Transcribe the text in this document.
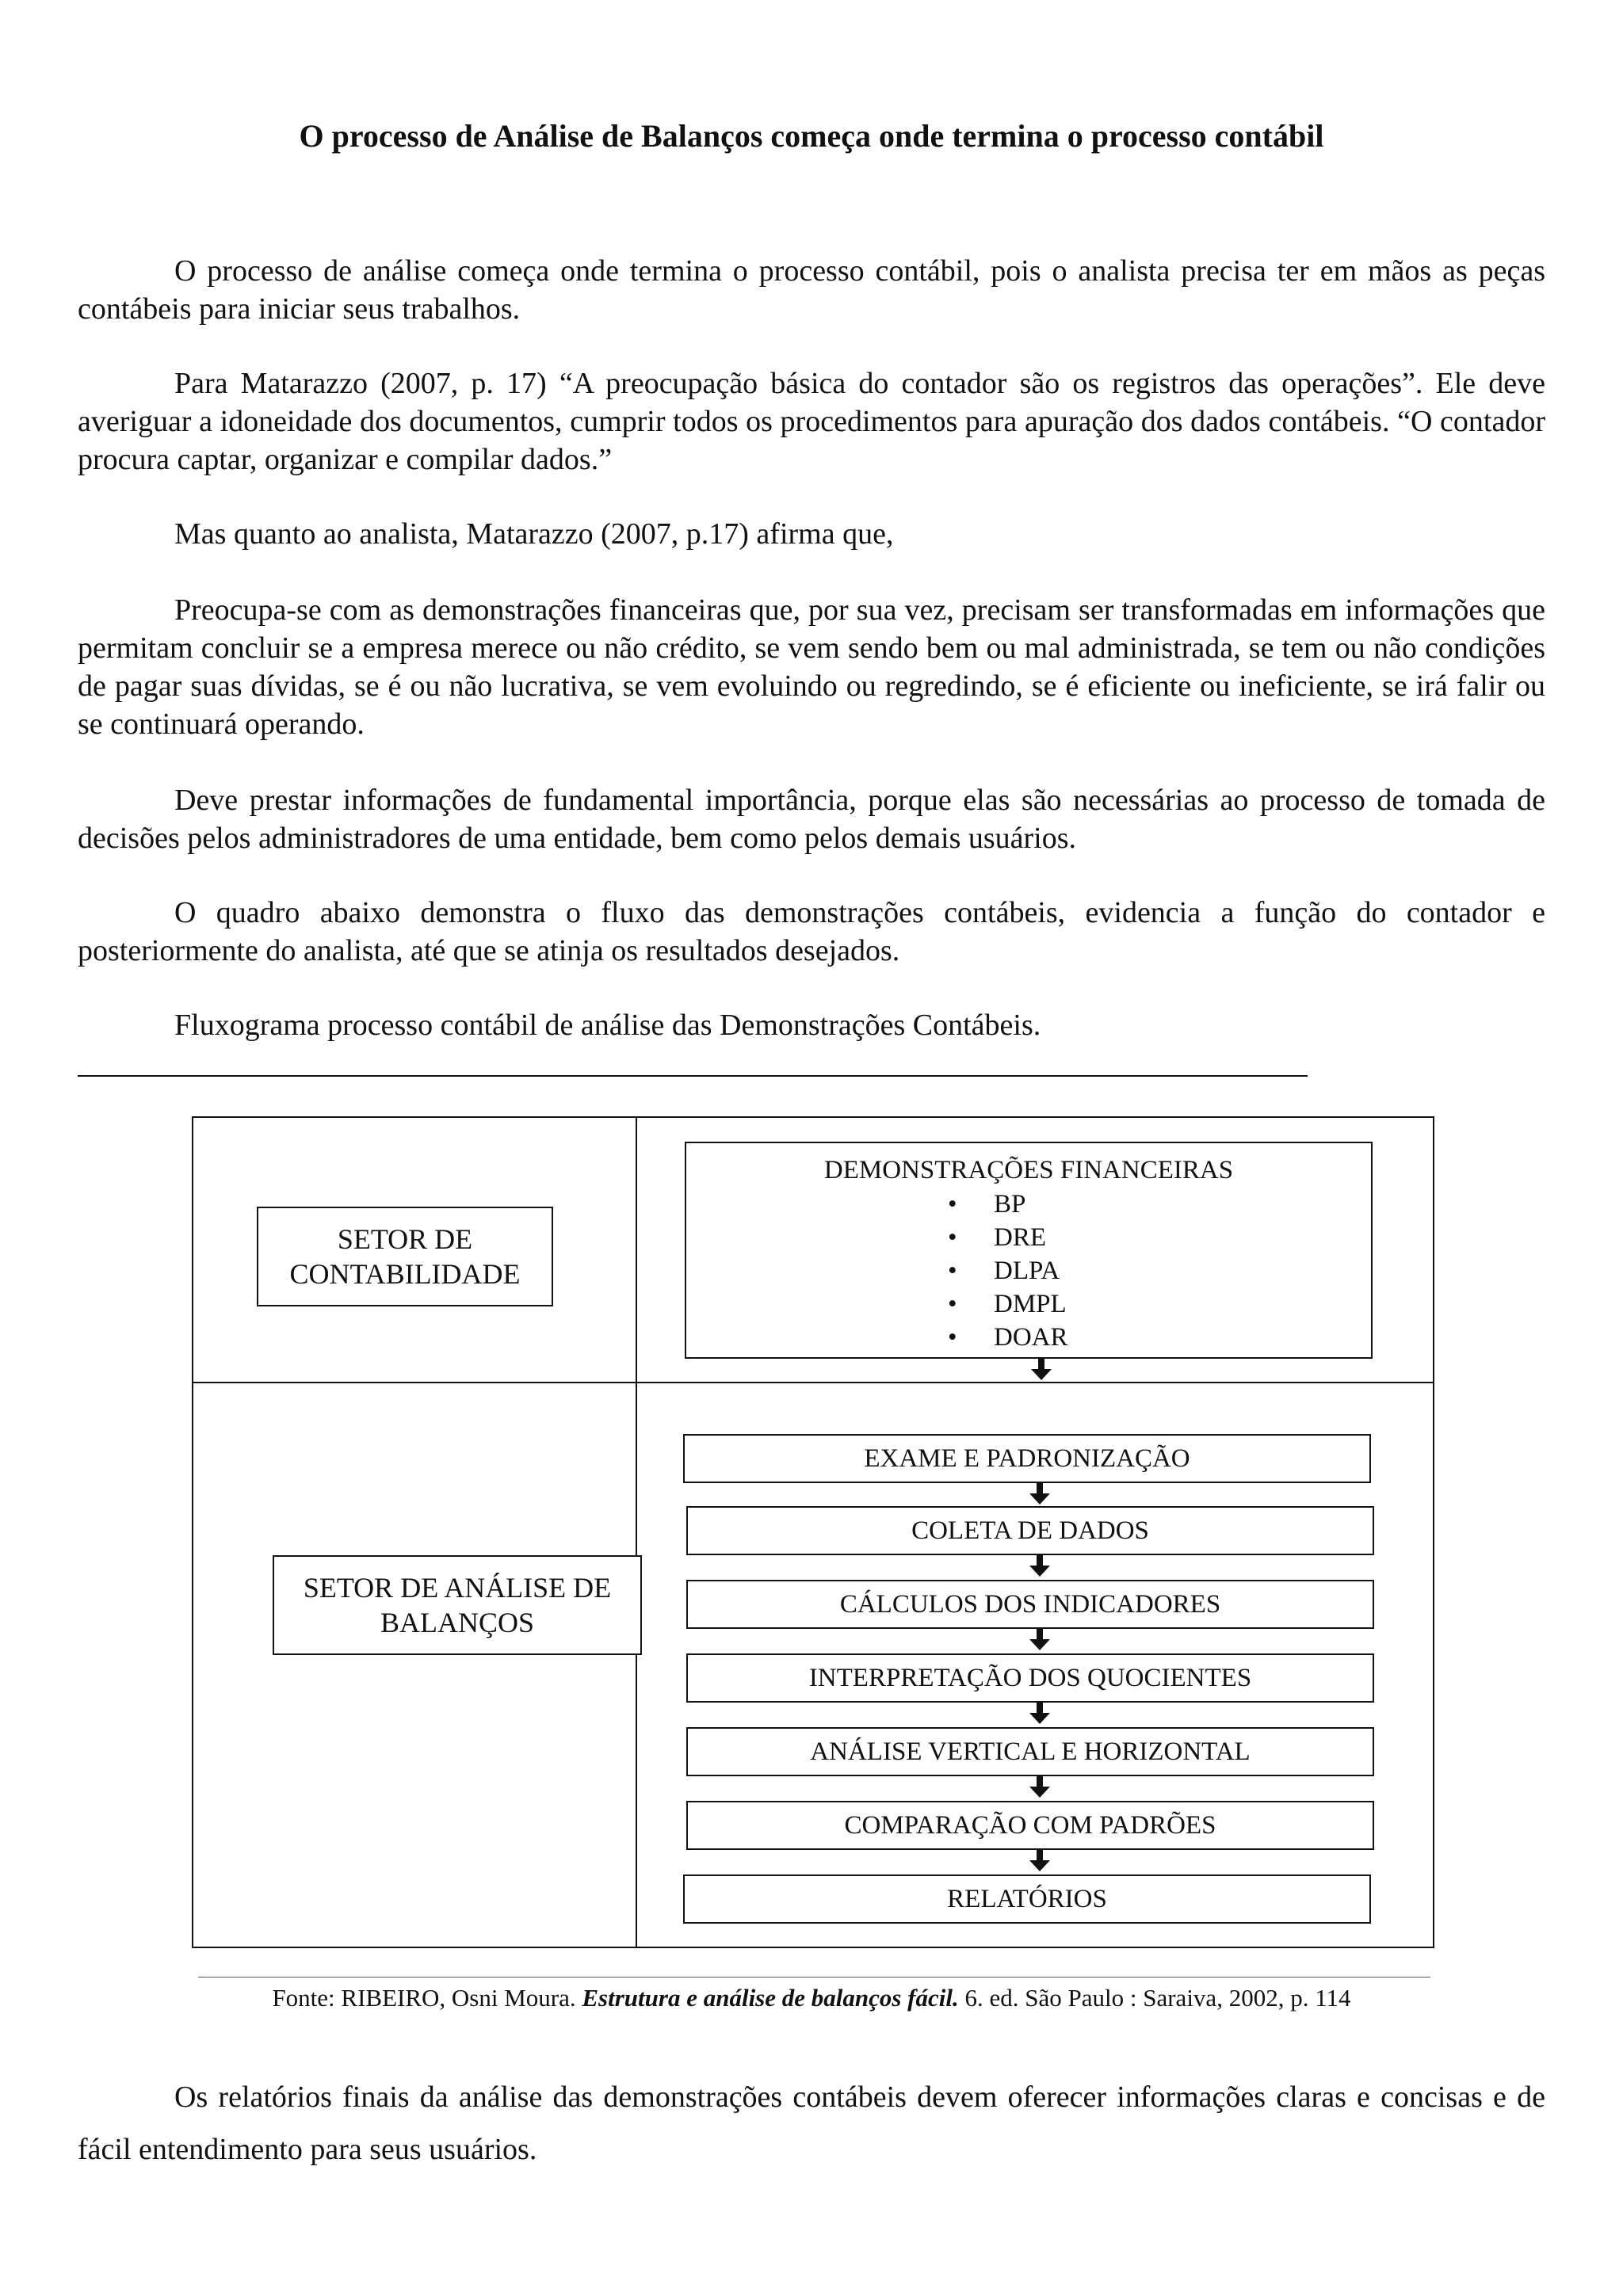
O processo de Análise de Balanços começa onde termina o processo contábil

O processo de análise começa onde termina o processo contábil, pois o analista precisa ter em mãos as peças contábeis para iniciar seus trabalhos.

Para Matarazzo (2007, p. 17) “A preocupação básica do contador são os registros das operações”. Ele deve averiguar a idoneidade dos documentos, cumprir todos os procedimentos para apuração dos dados contábeis. “O contador procura captar, organizar e compilar dados.”

Mas quanto ao analista, Matarazzo (2007, p.17) afirma que,

Preocupa-se com as demonstrações financeiras que, por sua vez, precisam ser transformadas em informações que permitam concluir se a empresa merece ou não crédito, se vem sendo bem ou mal administrada, se tem ou não condições de pagar suas dívidas, se é ou não lucrativa, se vem evoluindo ou regredindo, se é eficiente ou ineficiente, se irá falir ou se continuará operando.

Deve prestar informações de fundamental importância, porque elas são necessárias ao processo de tomada de decisões pelos administradores de uma entidade, bem como pelos demais usuários.

O quadro abaixo demonstra o fluxo das demonstrações contábeis, evidencia a função do contador e posteriormente do analista, até que se atinja os resultados desejados.

Fluxograma processo contábil de análise das Demonstrações Contábeis.

SETOR DE CONTABILIDADE
DEMONSTRAÇÕES FINANCEIRAS
• BP
• DRE
• DLPA
• DMPL
• DOAR
SETOR DE ANÁLISE DE BALANÇOS
EXAME E PADRONIZAÇÃO
COLETA DE DADOS
CÁLCULOS DOS INDICADORES
INTERPRETAÇÃO DOS QUOCIENTES
ANÁLISE VERTICAL E HORIZONTAL
COMPARAÇÃO COM PADRÕES
RELATÓRIOS
Fonte: RIBEIRO, Osni Moura. Estrutura e análise de balanços fácil. 6. ed. São Paulo : Saraiva, 2002, p. 114

Os relatórios finais da análise das demonstrações contábeis devem oferecer informações claras e concisas e de fácil entendimento para seus usuários.
